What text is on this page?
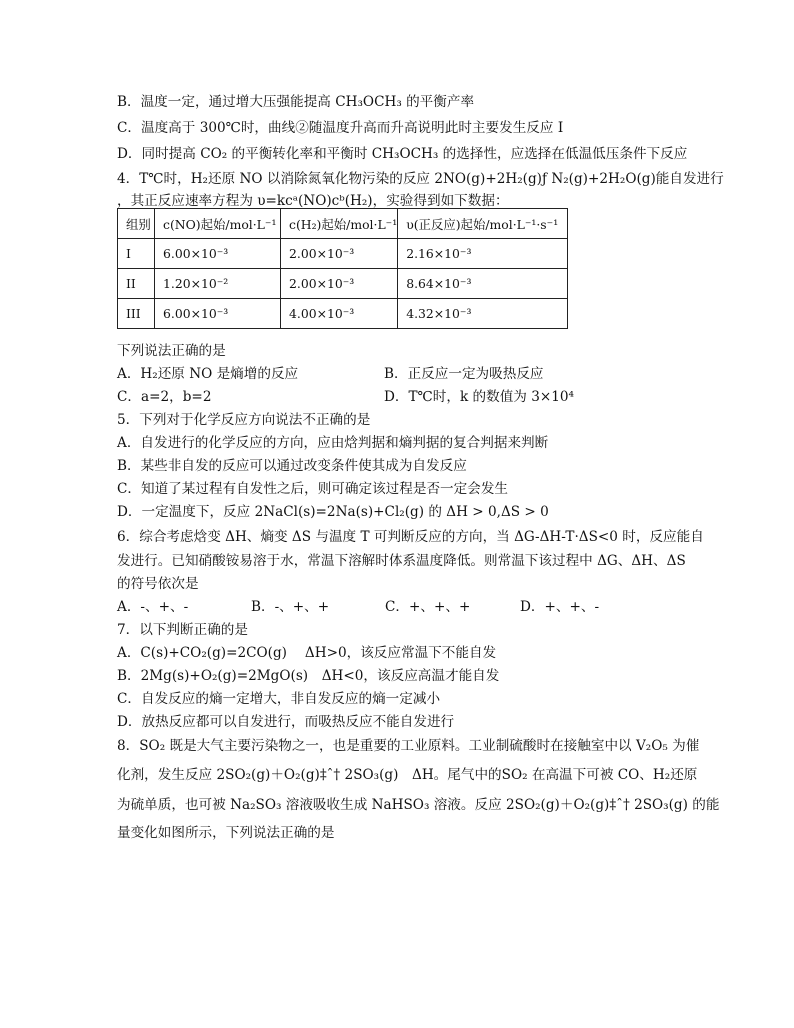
B．温度一定，通过增大压强能提高 CH₃OCH₃ 的平衡产率
C．温度高于 300℃时，曲线②随温度升高而升高说明此时主要发生反应 I
D．同时提高 CO₂ 的平衡转化率和平衡时 CH₃OCH₃ 的选择性，应选择在低温低压条件下反应
4．T℃时，H₂还原 NO 以消除氮氧化物污染的反应 2NO(g)+2H₂(g)ƒ N₂(g)+2H₂O(g)能自发进行
，其正反应速率方程为 υ=kcᵃ(NO)cᵇ(H₂)，实验得到如下数据：
组别	c(NO)起始/mol·L⁻¹	c(H₂)起始/mol·L⁻¹	υ(正反应)起始/mol·L⁻¹·s⁻¹
I	6.00×10⁻³	2.00×10⁻³	2.16×10⁻³
II	1.20×10⁻²	2.00×10⁻³	8.64×10⁻³
III	6.00×10⁻³	4.00×10⁻³	4.32×10⁻³
下列说法正确的是
A．H₂还原 NO 是熵增的反应	B．正反应一定为吸热反应
C．a=2，b=2	D．T℃时，k 的数值为 3×10⁴
5．下列对于化学反应方向说法不正确的是
A．自发进行的化学反应的方向，应由焓判据和熵判据的复合判据来判断
B．某些非自发的反应可以通过改变条件使其成为自发反应
C．知道了某过程有自发性之后，则可确定该过程是否一定会发生
D．一定温度下，反应 2NaCl(s)=2Na(s)+Cl₂(g) 的 ΔH > 0,ΔS > 0
6．综合考虑焓变 ΔH、熵变 ΔS 与温度 T 可判断反应的方向，当 ΔG-ΔH-T·ΔS<0 时，反应能自
发进行。已知硝酸铵易溶于水，常温下溶解时体系温度降低。则常温下该过程中 ΔG、ΔH、ΔS
的符号依次是
A．-、+、-	B．-、+、+	C．+、+、+	D．+、+、-
7．以下判断正确的是
A．C(s)+CO₂(g)=2CO(g)　 ΔH>0，该反应常温下不能自发
B．2Mg(s)+O₂(g)=2MgO(s)　ΔH<0，该反应高温才能自发
C．自发反应的熵一定增大，非自发反应的熵一定减小
D．放热反应都可以自发进行，而吸热反应不能自发进行
8．SO₂ 既是大气主要污染物之一，也是重要的工业原料。工业制硫酸时在接触室中以 V₂O₅ 为催
化剂，发生反应 2SO₂(g)＋O₂(g)‡ˆ† 2SO₃(g)　ΔH。尾气中的SO₂ 在高温下可被 CO、H₂还原
为硫单质，也可被 Na₂SO₃ 溶液吸收生成 NaHSO₃ 溶液。反应 2SO₂(g)＋O₂(g)‡ˆ† 2SO₃(g) 的能
量变化如图所示，下列说法正确的是
